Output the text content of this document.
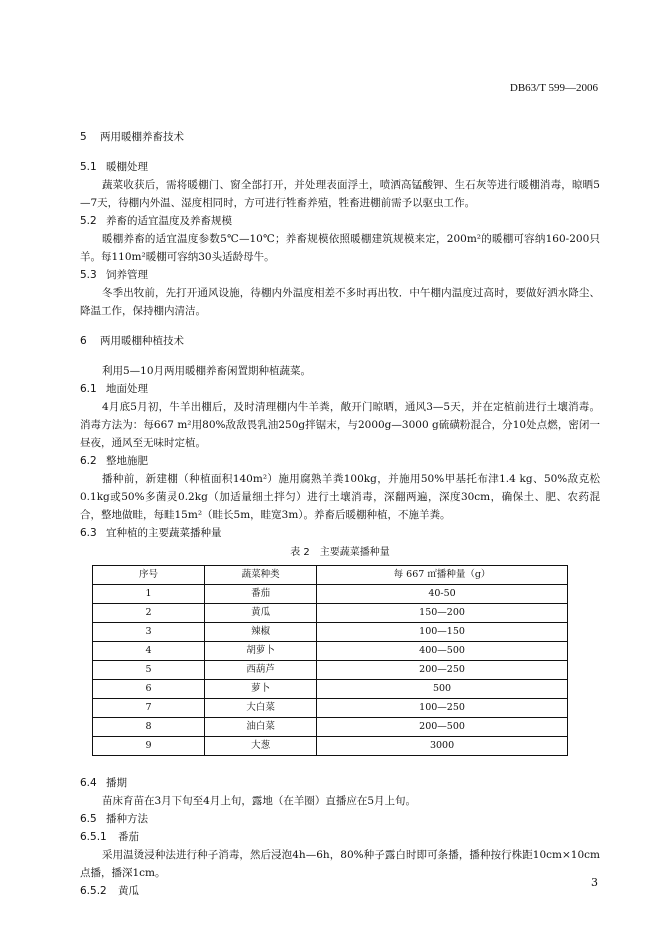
DB63/T 599—2006

5 两用暖棚养畜技术

5.1 暖棚处理

蔬菜收获后，需将暖棚门、窗全部打开，并处理表面浮土，喷洒高锰酸钾、生石灰等进行暖棚消毒，晾晒5—7天，待棚内外温、湿度相同时，方可进行牲畜养殖，牲畜进棚前需予以驱虫工作。

5.2 养畜的适宜温度及养畜规模

暖棚养畜的适宜温度参数5℃—10℃；养畜规模依照暖棚建筑规模来定，200m²的暖棚可容纳160-200只羊。每110m²暖棚可容纳30头适龄母牛。

5.3 饲养管理

冬季出牧前，先打开通风设施，待棚内外温度相差不多时再出牧．中午棚内温度过高时，要做好洒水降尘、降温工作，保持棚内清洁。

6 两用暖棚种植技术

利用5—10月两用暖棚养畜闲置期种植蔬菜。

6.1 地面处理

4月底5月初，牛羊出棚后，及时清理棚内牛羊粪，敞开门晾晒，通风3—5天，并在定植前进行土壤消毒。 消毒方法为：每667 m²用80%敌敌畏乳油250g拌锯末，与2000g—3000 g硫磺粉混合，分10处点燃，密闭一昼夜，通风至无味时定植。

6.2 整地施肥

播种前，新建棚（种植面积140m²）施用腐熟羊粪100kg，并施用50%甲基托布津1.4 kg、50%敌克松0.1kg或50%多菌灵0.2kg（加适量细土拌匀）进行土壤消毒，深翻两遍，深度30cm，确保土、肥、农药混合，整地做畦，每畦15m²（畦长5m，畦宽3m）。养畜后暖棚种植，不施羊粪。

6.3 宜种植的主要蔬菜播种量

表 2　主要蔬菜播种量
序号	蔬菜种类	每 667 ㎡播种量（g）
1	番茄	40-50
2	黄瓜	150—200
3	辣椒	100—150
4	胡萝卜	400—500
5	西葫芦	200—250
6	萝卜	500
7	大白菜	100—250
8	油白菜	200—500
9	大葱	3000

6.4 播期

苗床育苗在3月下旬至4月上旬，露地（在羊圈）直播应在5月上旬。

6.5 播种方法

6.5.1 番茄

采用温烫浸种法进行种子消毒，然后浸泡4h—6h，80%种子露白时即可条播，播种按行株距10cm×10cm点播，播深1cm。

6.5.2 黄瓜

3
